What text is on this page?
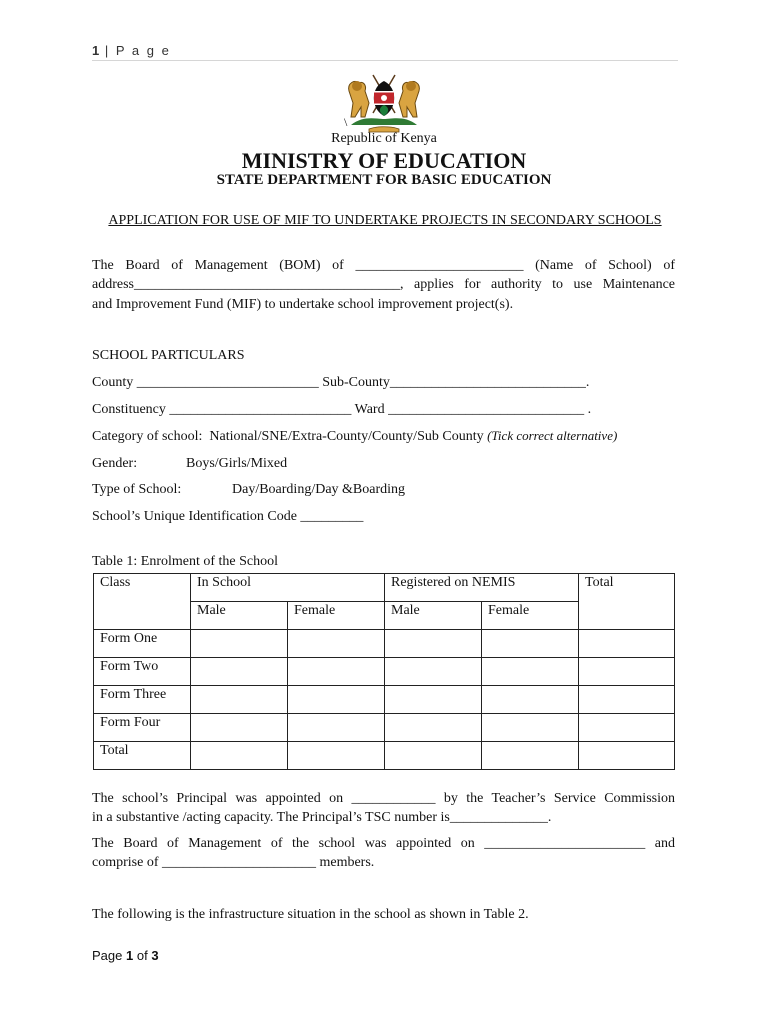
1 | P a g e
\
Republic of Kenya
MINISTRY OF EDUCATION
STATE DEPARTMENT FOR BASIC EDUCATION
APPLICATION FOR USE OF MIF TO UNDERTAKE PROJECTS IN SECONDARY SCHOOLS
The Board of Management (BOM) of ________________________ (Name of School) of
address______________________________________, applies for authority to use Maintenance
and Improvement Fund (MIF) to undertake school improvement project(s).
SCHOOL PARTICULARS
County __________________________ Sub-County____________________________.
Constituency __________________________ Ward ____________________________ .
Category of school:  National/SNE/Extra-County/County/Sub County (Tick correct alternative)
Gender:	Boys/Girls/Mixed
Type of School:	Day/Boarding/Day &Boarding
School’s Unique Identification Code _________
Table 1: Enrolment of the School
Class	In School		Registered on NEMIS		Total
	Male	Female	Male	Female	
Form One					
Form Two					
Form Three					
Form Four					
Total					
The school’s Principal was appointed on ____________ by the Teacher’s Service Commission
in a substantive /acting capacity. The Principal’s TSC number is______________.
The Board of Management of the school was appointed on _______________________ and
comprise of ______________________ members.
The following is the infrastructure situation in the school as shown in Table 2.
Page 1 of 3
